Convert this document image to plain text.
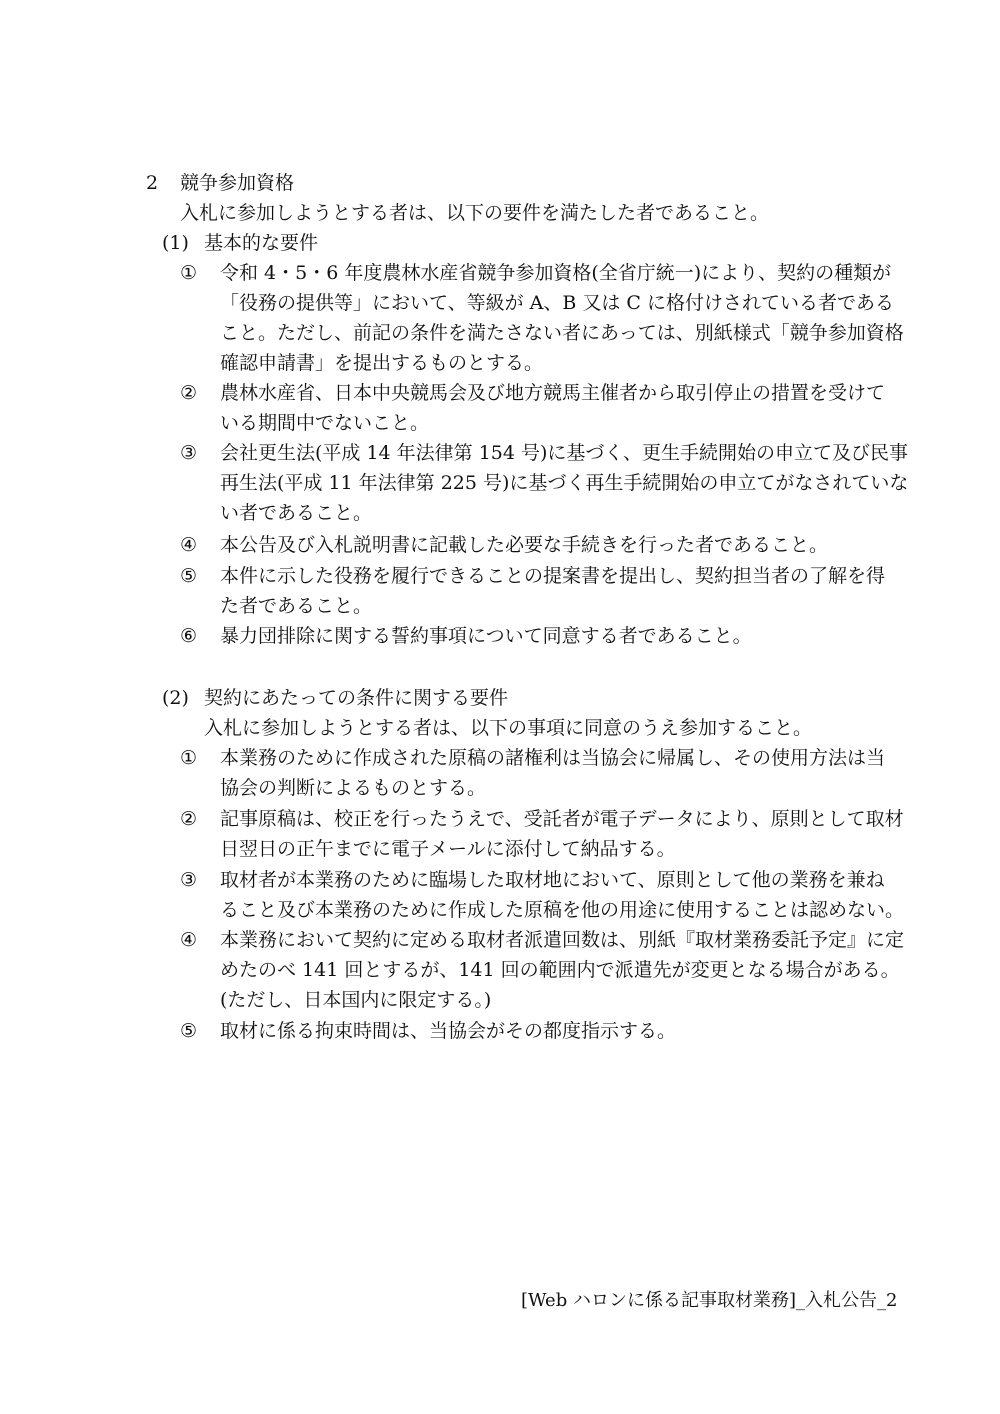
2 競争参加資格
入札に参加しようとする者は、以下の要件を満たした者であること。
(1) 基本的な要件
① 令和 4・5・6 年度農林水産省競争参加資格(全省庁統一)により、契約の種類が
「役務の提供等」において、等級が A、B 又は C に格付けされている者である
こと。ただし、前記の条件を満たさない者にあっては、別紙様式「競争参加資格
確認申請書」を提出するものとする。
② 農林水産省、日本中央競馬会及び地方競馬主催者から取引停止の措置を受けて
いる期間中でないこと。
③ 会社更生法(平成 14 年法律第 154 号)に基づく、更生手続開始の申立て及び民事
再生法(平成 11 年法律第 225 号)に基づく再生手続開始の申立てがなされていな
い者であること。
④ 本公告及び入札説明書に記載した必要な手続きを行った者であること。
⑤ 本件に示した役務を履行できることの提案書を提出し、契約担当者の了解を得
た者であること。
⑥ 暴力団排除に関する誓約事項について同意する者であること。
(2) 契約にあたっての条件に関する要件
入札に参加しようとする者は、以下の事項に同意のうえ参加すること。
① 本業務のために作成された原稿の諸権利は当協会に帰属し、その使用方法は当
協会の判断によるものとする。
② 記事原稿は、校正を行ったうえで、受託者が電子データにより、原則として取材
日翌日の正午までに電子メールに添付して納品する。
③ 取材者が本業務のために臨場した取材地において、原則として他の業務を兼ね
ること及び本業務のために作成した原稿を他の用途に使用することは認めない。
④ 本業務において契約に定める取材者派遣回数は、別紙『取材業務委託予定』に定
めたのべ 141 回とするが、141 回の範囲内で派遣先が変更となる場合がある。
(ただし、日本国内に限定する。)
⑤ 取材に係る拘束時間は、当協会がその都度指示する。
[Web ハロンに係る記事取材業務]_入札公告_2
